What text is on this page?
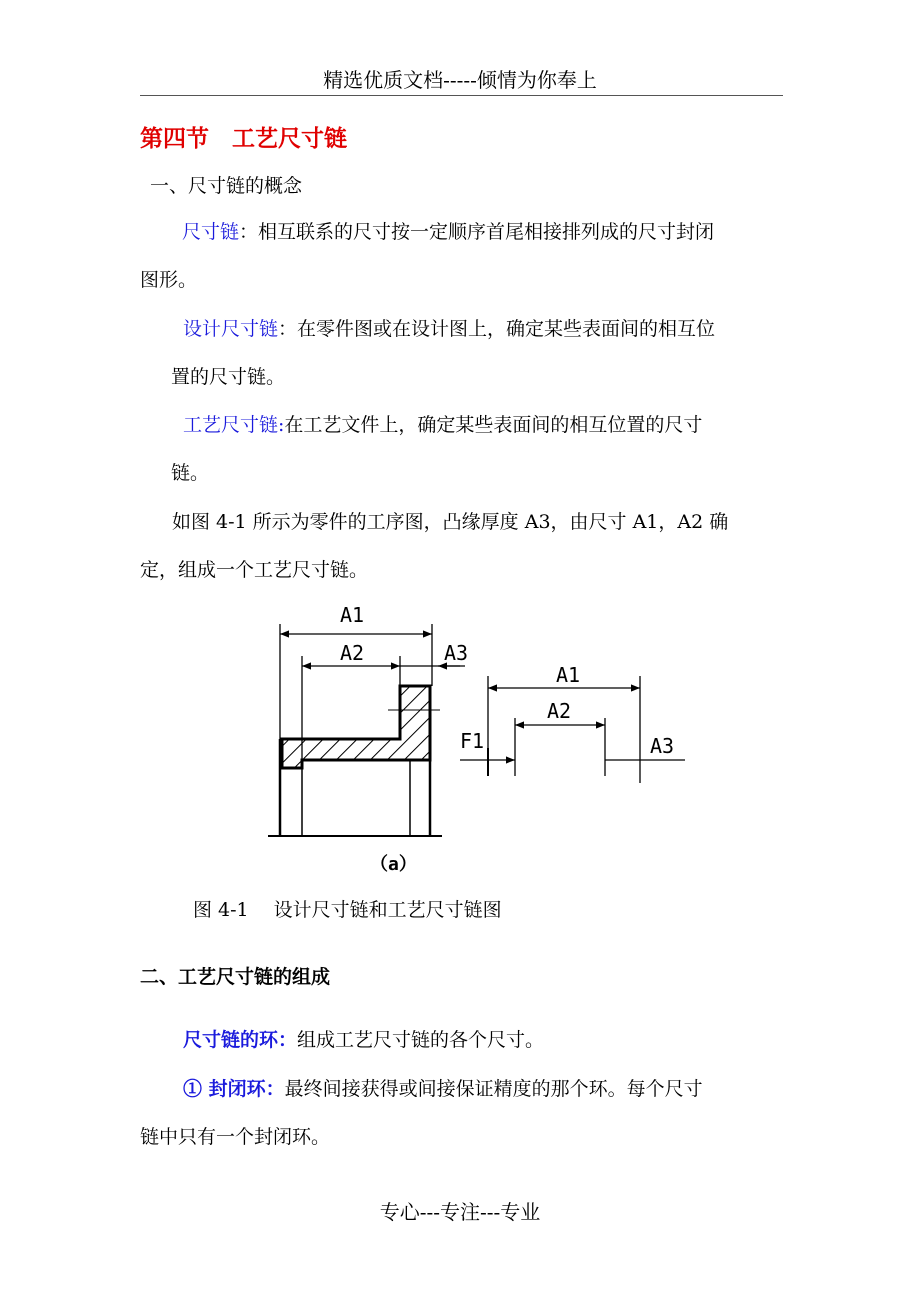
精选优质文档-----倾情为你奉上
第四节　工艺尺寸链
一、尺寸链的概念
尺寸链：相互联系的尺寸按一定顺序首尾相接排列成的尺寸封闭
图形。
设计尺寸链：在零件图或在设计图上，确定某些表面间的相互位
置的尺寸链。
工艺尺寸链:在工艺文件上，确定某些表面间的相互位置的尺寸
链。
如图 4-1 所示为零件的工序图，凸缘厚度 A3，由尺寸 A1，A2 确
定，组成一个工艺尺寸链。
A1
A2	A3
A1
A2
A3
F1
（a）
图 4-1　 设计尺寸链和工艺尺寸链图
二、工艺尺寸链的组成
尺寸链的环：组成工艺尺寸链的各个尺寸。
① 封闭环：最终间接获得或间接保证精度的那个环。每个尺寸
链中只有一个封闭环。
专心---专注---专业
